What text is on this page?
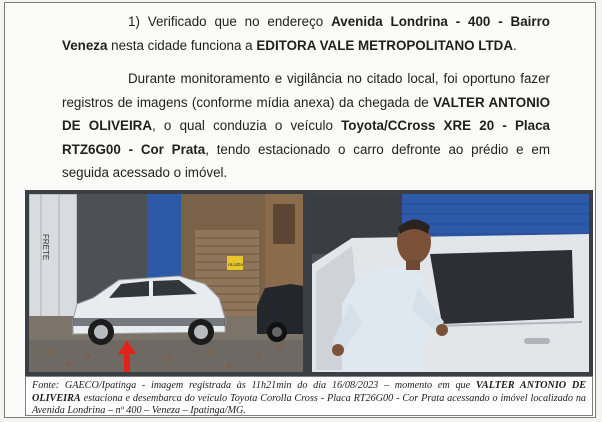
1) Verificado que no endereço Avenida Londrina - 400 - Bairro Veneza nesta cidade funciona a EDITORA VALE METROPOLITANO LTDA.

Durante monitoramento e vigilância no citado local, foi oportuno fazer registros de imagens (conforme mídia anexa) da chegada de VALTER ANTONIO DE OLIVEIRA, o qual conduzia o veículo Toyota/CCross XRE 20 - Placa RTZ6G00 - Cor Prata, tendo estacionado o carro defronte ao prédio e em seguida acessado o imóvel.

FRETE
ALUGA
Fonte: GAECO/Ipatinga - imagem registrada às 11h21min do dia 16/08/2023 – momento em que VALTER ANTONIO DE OLIVEIRA estaciona e desembarca do veículo Toyota Corolla Cross - Placa RT26G00 - Cor Prata acessando o imóvel localizado na Avenida Londrina – nº 400 – Veneza – Ipatinga/MG.
